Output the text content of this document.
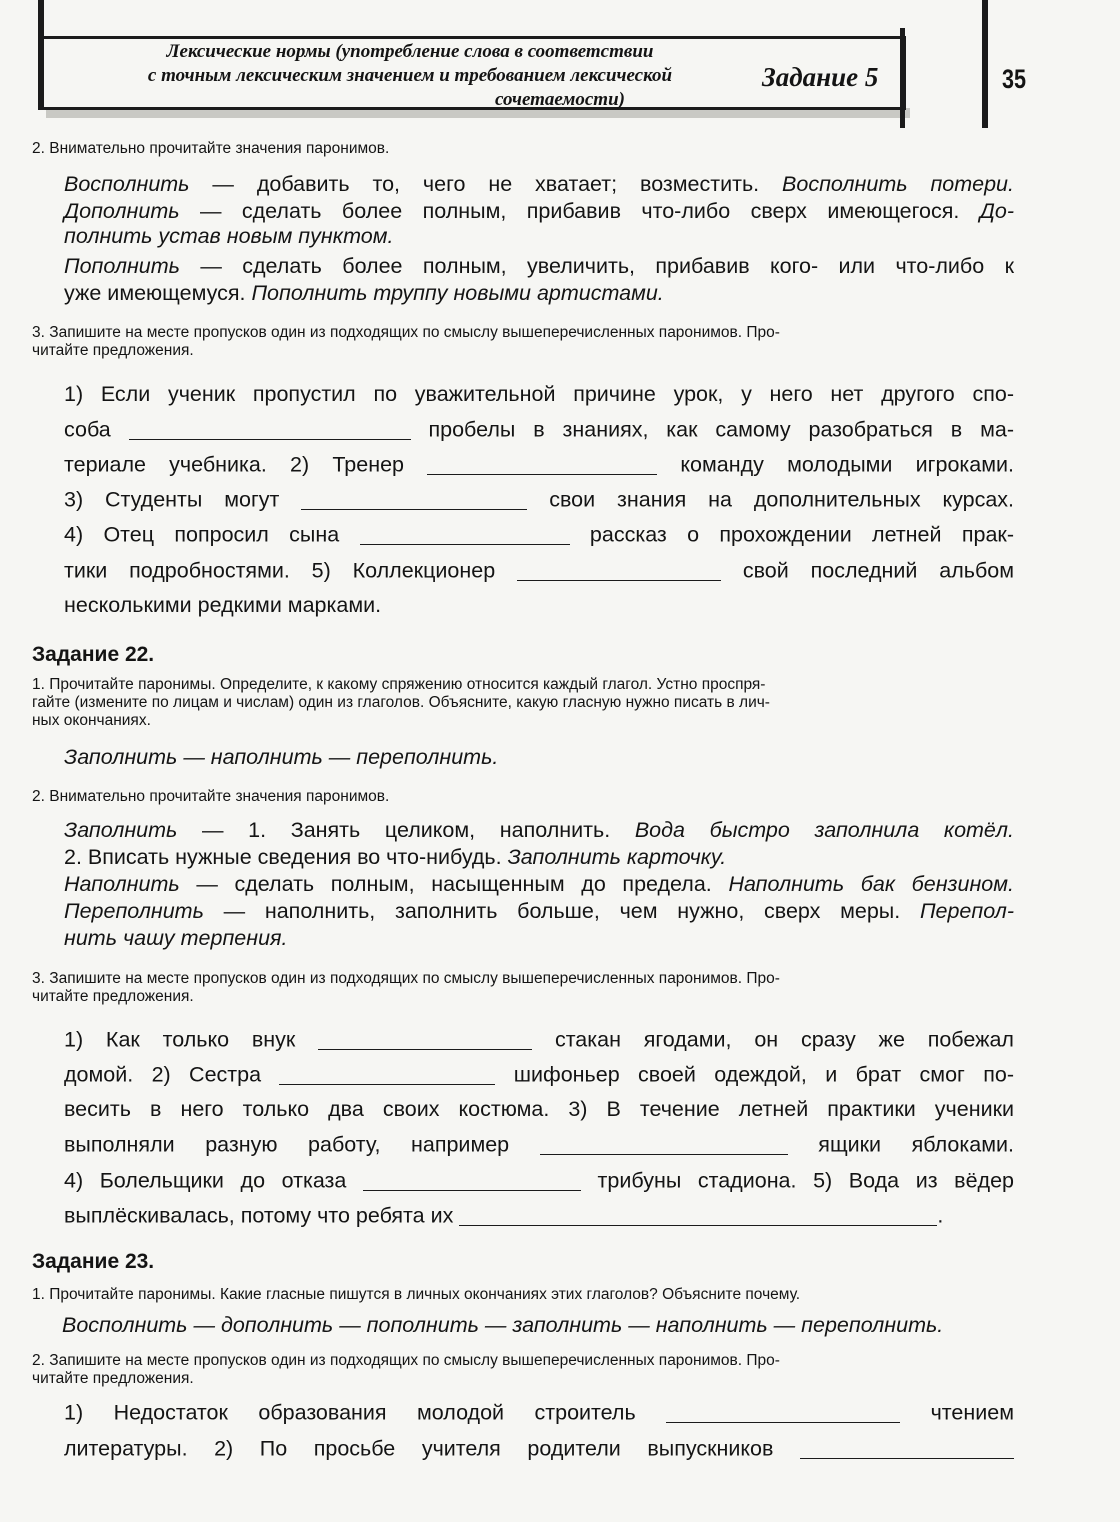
Лексические нормы (употребление слова в соответствии
с точным лексическим значением и требованием лексической
сочетаемости)
Задание 5	35
2. Внимательно прочитайте значения паронимов.
Восполнить — добавить то, чего не хватает; возместить. Восполнить потери.
Дополнить — сделать более полным, прибавив что-либо сверх имеющегося. До-
полнить устав новым пунктом.
Пополнить — сделать более полным, увеличить, прибавив кого- или что-либо к
уже имеющемуся. Пополнить труппу новыми артистами.
3. Запишите на месте пропусков один из подходящих по смыслу вышеперечисленных паронимов. Про-
читайте предложения.
1) Если ученик пропустил по уважительной причине урок, у него нет другого спо-
соба	пробелы в знаниях, как самому разобраться в ма-
териале учебника. 2) Тренер	команду молодыми игроками.
3) Студенты могут	свои знания на дополнительных курсах.
4) Отец попросил сына	рассказ о прохождении летней прак-
тики подробностями. 5) Коллекционер	свой последний альбом
несколькими редкими марками.
Задание 22.
1. Прочитайте паронимы. Определите, к какому спряжению относится каждый глагол. Устно проспря-
гайте (измените по лицам и числам) один из глаголов. Объясните, какую гласную нужно писать в лич-
ных окончаниях.
Заполнить — наполнить — переполнить.
2. Внимательно прочитайте значения паронимов.
Заполнить — 1. Занять целиком, наполнить. Вода быстро заполнила котёл.
2. Вписать нужные сведения во что-нибудь. Заполнить карточку.
Наполнить — сделать полным, насыщенным до предела. Наполнить бак бензином.
Переполнить — наполнить, заполнить больше, чем нужно, сверх меры. Перепол-
нить чашу терпения.
3. Запишите на месте пропусков один из подходящих по смыслу вышеперечисленных паронимов. Про-
читайте предложения.
1) Как только внук	стакан ягодами, он сразу же побежал
домой. 2) Сестра	шифоньер своей одеждой, и брат смог по-
весить в него только два своих костюма. 3) В течение летней практики ученики
выполняли разную работу, например	ящики яблоками.
4) Болельщики до отказа	трибуны стадиона. 5) Вода из вёдер
выплёскивалась, потому что ребята их	.
Задание 23.
1. Прочитайте паронимы. Какие гласные пишутся в личных окончаниях этих глаголов? Объясните почему.
Восполнить — дополнить — пополнить — заполнить — наполнить — переполнить.
2. Запишите на месте пропусков один из подходящих по смыслу вышеперечисленных паронимов. Про-
читайте предложения.
1) Недостаток образования молодой строитель	чтением
литературы. 2) По просьбе учителя родители выпускников
